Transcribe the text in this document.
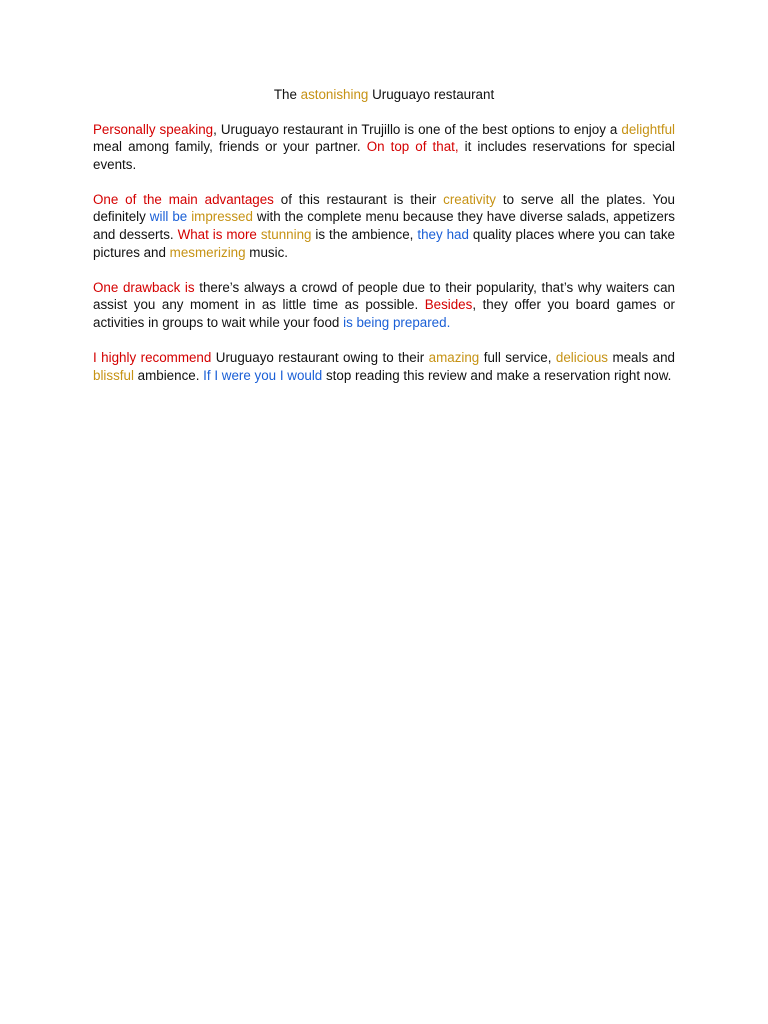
The astonishing Uruguayo restaurant

Personally speaking, Uruguayo restaurant in Trujillo is one of the best options to enjoy a delightful meal among family, friends or your partner. On top of that, it includes reservations for special events.

One of the main advantages of this restaurant is their creativity to serve all the plates. You definitely will be impressed with the complete menu because they have diverse salads, appetizers and desserts. What is more stunning is the ambience, they had quality places where you can take pictures and mesmerizing music.

One drawback is there’s always a crowd of people due to their popularity, that’s why waiters can assist you any moment in as little time as possible. Besides, they offer you board games or activities in groups to wait while your food is being prepared.

I highly recommend Uruguayo restaurant owing to their amazing full service, delicious meals and blissful ambience. If I were you I would stop reading this review and make a reservation right now.
